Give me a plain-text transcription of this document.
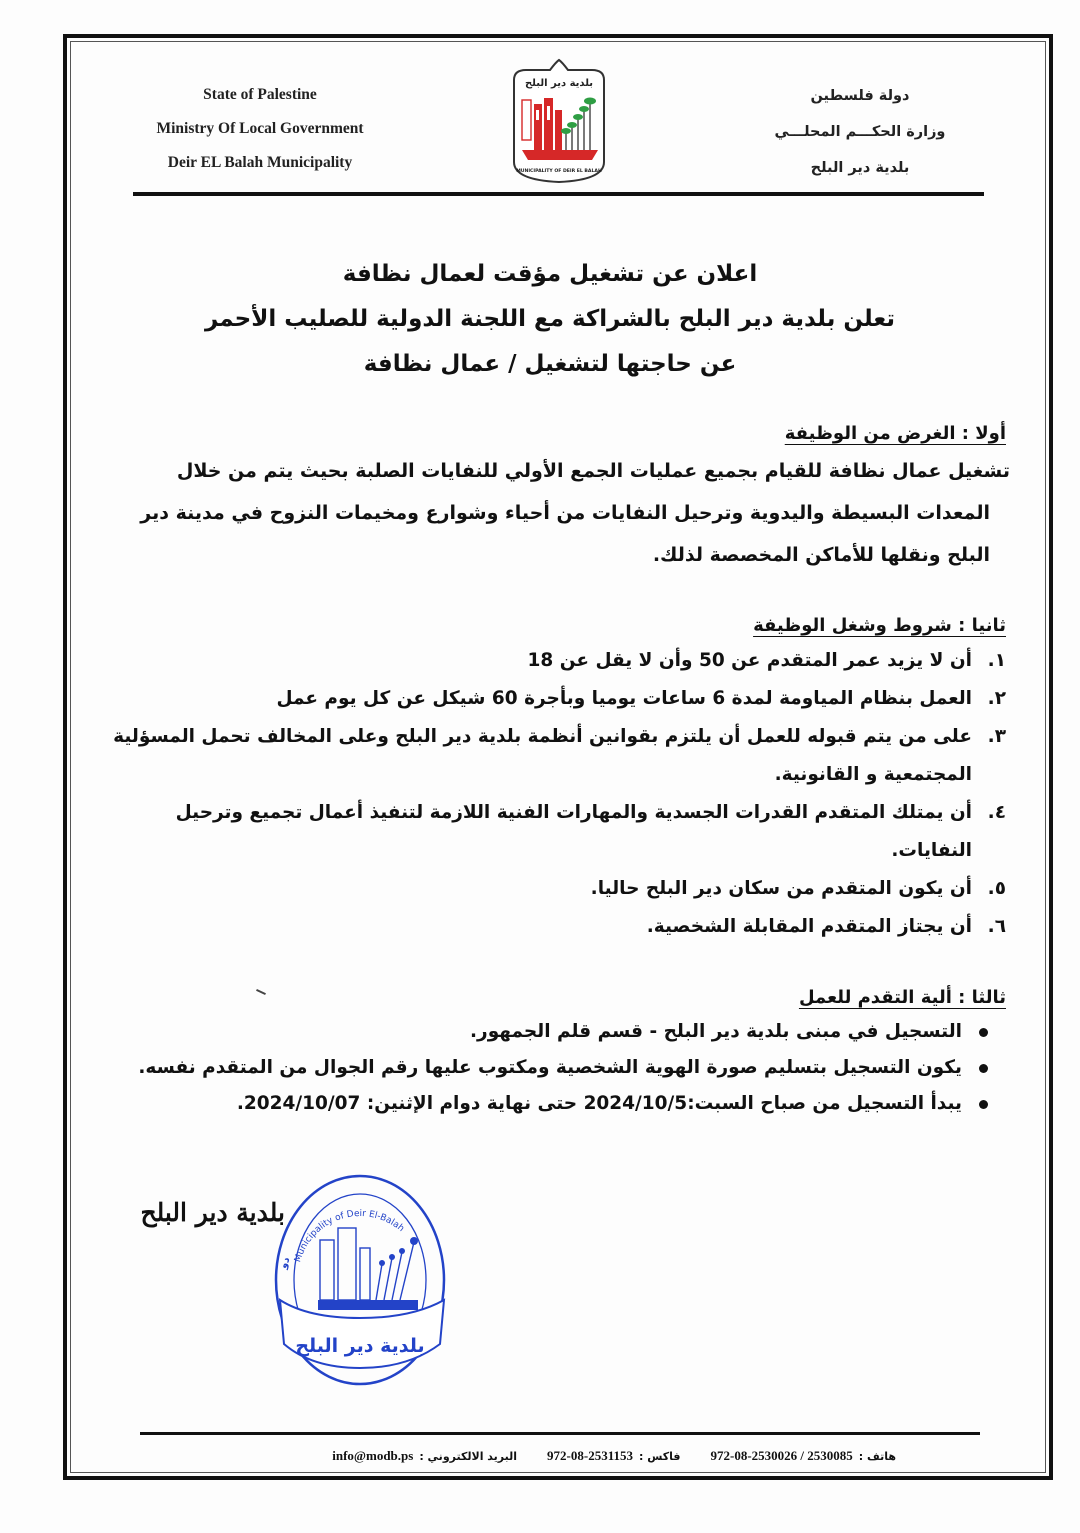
State of Palestine
Ministry Of Local Government
Deir EL Balah Municipality
بلدية دير البلح
MUNICIPALITY OF DEIR EL BALAH
دولة فلسطين
وزارة الحكـــم المحلـــي
بلدية دير البلح
اعلان عن تشغيل مؤقت لعمال نظافة
تعلن بلدية دير البلح بالشراكة مع اللجنة الدولية للصليب الأحمر
عن حاجتها لتشغيل / عمال نظافة
أولا : الغرض من الوظيفة
تشغيل عمال نظافة للقيام بجميع عمليات الجمع الأولي للنفايات الصلبة بحيث يتم من خلال
المعدات البسيطة واليدوية وترحيل النفايات من أحياء وشوارع ومخيمات النزوح في مدينة دير
البلح ونقلها للأماكن المخصصة لذلك.
ثانيا : شروط وشغل الوظيفة
١.
أن لا يزيد عمر المتقدم عن 50 وأن لا يقل عن 18
٢.
العمل بنظام المياومة لمدة 6 ساعات يوميا وبأجرة 60 شيكل عن كل يوم عمل
٣.
على من يتم قبوله للعمل أن يلتزم بقوانين أنظمة بلدية دير البلح وعلى المخالف تحمل المسؤلية المجتمعية و القانونية.
٤.
أن يمتلك المتقدم القدرات الجسدية والمهارات الفنية اللازمة لتنفيذ أعمال تجميع وترحيل النفايات.
٥.
أن يكون المتقدم من سكان دير البلح حاليا.
٦.
أن يجتاز المتقدم المقابلة الشخصية.
ثالثا : ألية التقدم للعمل
التسجيل في مبنى بلدية دير البلح - قسم قلم الجمهور.
يكون التسجيل بتسليم صورة الهوية الشخصية ومكتوب عليها رقم الجوال من المتقدم نفسه.
يبدأ التسجيل من صباح السبت:2024/10/5 حتى نهاية دوام الإثنين: 2024/10/07.
بلدية دير البلح
Municipality of Deir El-Balah
دو
بلدية دير البلح
هاتف :972-08-2530026 / 2530085فاكس :972-08-2531153البريد الالكتروني :info@modb.ps
